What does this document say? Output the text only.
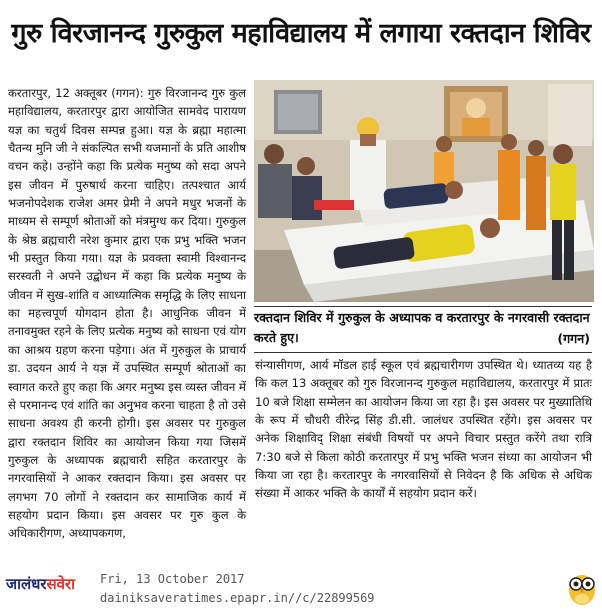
गुरु विरजानन्द गुरुकुल महाविद्यालय में लगाया रक्तदान शिविर

करतारपुर, 12 अक्तूबर (गगन): गुरु विरजानन्द गुरु कुल महाविद्यालय, करतारपुर द्वारा आयोजित सामवेद पारायण यज्ञ का चतुर्थ दिवस सम्पन्न हुआ। यज्ञ के ब्रह्मा महात्मा चैतन्य मुनि जी ने संकल्पित सभी यजमानों के प्रति आशीष वचन कहे। उन्होंने कहा कि प्रत्येक मनुष्य को सदा अपने इस जीवन में पुरुषार्थ करना चाहिए। तत्पश्चात आर्य भजनोपदेशक राजेश अमर प्रेमी ने अपने मधुर भजनों के माध्यम से सम्पूर्ण श्रोताओं को मंत्रमुग्ध कर दिया। गुरुकुल के श्रेष्ठ ब्रह्मचारी नरेश कुमार द्वारा एक प्रभु भक्ति भजन भी प्रस्तुत किया गया। यज्ञ के प्रवक्ता स्वामी विश्वानन्द सरस्वती ने अपने उद्बोधन में कहा कि प्रत्येक मनुष्य के जीवन में सुख-शांति व आध्यात्मिक समृद्धि के लिए साधना का महत्त्वपूर्ण योगदान होता है। आधुनिक जीवन में तनावमुक्त रहने के लिए प्रत्येक मनुष्य को साधना एवं योग का आश्रय ग्रहण करना पड़ेगा। अंत में गुरुकुल के प्राचार्य डा. उदयन आर्य ने यज्ञ में उपस्थित सम्पूर्ण श्रोताओं का स्वागत करते हुए कहा कि अगर मनुष्य इस व्यस्त जीवन में से परमानन्द एवं शांति का अनुभव करना चाहता है तो उसे साधना अवश्य ही करनी होगी। इस अवसर पर गुरुकुल द्वारा रक्तदान शिविर का आयोजन किया गया जिसमें गुरुकुल के अध्यापक ब्रह्मचारी सहित करतारपुर के नगरवासियों ने आकर रक्तदान किया। इस अवसर पर लगभग 70 लोगों ने रक्तदान कर सामाजिक कार्य में सहयोग प्रदान किया। इस अवसर पर गुरु कुल के अधिकारीगण, अध्यापकगण,

रक्तदान शिविर में गुरुकुल के अध्यापक व करतारपुर के नगरवासी रक्तदान करते हुए।	(गगन)

संन्यासीगण, आर्य मॉडल हाई स्कूल एवं ब्रह्मचारीगण उपस्थित थे। ध्यातव्य यह है कि कल 13 अक्तूबर को गुरु विरजानन्द गुरुकुल महाविद्यालय, करतारपुर में प्रातः 10 बजे शिक्षा सम्मेलन का आयोजन किया जा रहा है। इस अवसर पर मुख्यातिथि के रूप में चौधरी वीरेन्द्र सिंह डी.सी. जालंधर उपस्थित रहेंगे। इस अवसर पर अनेक शिक्षाविद् शिक्षा संबंधी विषयों पर अपने विचार प्रस्तुत करेंगे तथा रात्रि 7:30 बजे से किला कोठी करतारपुर में प्रभु भक्ति भजन संध्या का आयोजन भी किया जा रहा है। करतारपुर के नगरवासियों से निवेदन है कि अधिक से अधिक संख्या में आकर भक्ति के कार्यों में सहयोग प्रदान करें।

जालंधरसवेरा Fri, 13 October 2017
dainiksaveratimes.epapr.in//c/22899569
